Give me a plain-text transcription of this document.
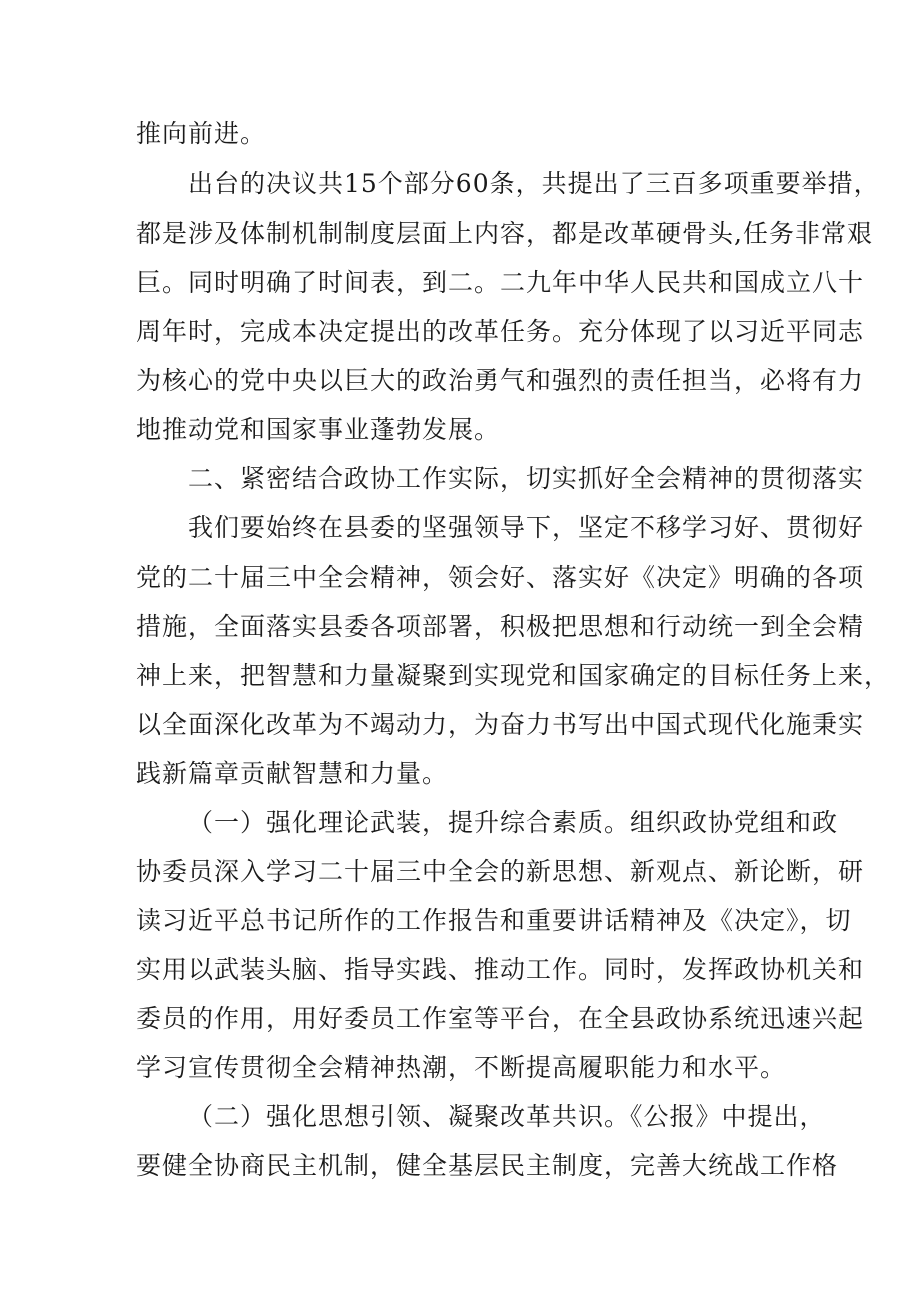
推向前进。
出台的决议共15个部分60条，共提出了三百多项重要举措，
都是涉及体制机制制度层面上内容，都是改革硬骨头,任务非常艰
巨。同时明确了时间表，到二。二九年中华人民共和国成立八十
周年时，完成本决定提出的改革任务。充分体现了以习近平同志
为核心的党中央以巨大的政治勇气和强烈的责任担当，必将有力
地推动党和国家事业蓬勃发展。
二、紧密结合政协工作实际，切实抓好全会精神的贯彻落实
我们要始终在县委的坚强领导下，坚定不移学习好、贯彻好
党的二十届三中全会精神，领会好、落实好《决定》明确的各项
措施，全面落实县委各项部署，积极把思想和行动统一到全会精
神上来，把智慧和力量凝聚到实现党和国家确定的目标任务上来，
以全面深化改革为不竭动力，为奋力书写出中国式现代化施秉实
践新篇章贡献智慧和力量。
（一）强化理论武装，提升综合素质。组织政协党组和政
协委员深入学习二十届三中全会的新思想、新观点、新论断，研
读习近平总书记所作的工作报告和重要讲话精神及《决定》，切
实用以武装头脑、指导实践、推动工作。同时，发挥政协机关和
委员的作用，用好委员工作室等平台，在全县政协系统迅速兴起
学习宣传贯彻全会精神热潮，不断提高履职能力和水平。
（二）强化思想引领、凝聚改革共识。《公报》中提出，
要健全协商民主机制，健全基层民主制度，完善大统战工作格
